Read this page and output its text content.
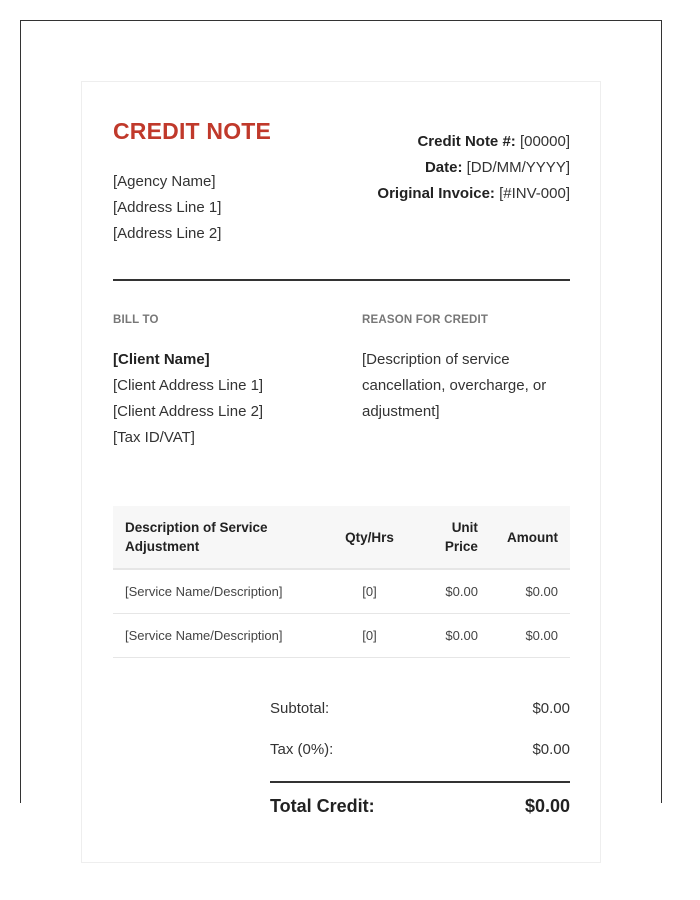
CREDIT NOTE
[Agency Name]
[Address Line 1]
[Address Line 2]
Credit Note #: [00000]
Date: [DD/MM/YYYY]
Original Invoice: [#INV-000]
BILL TO	REASON FOR CREDIT
[Client Name]
[Client Address Line 1]
[Client Address Line 2]
[Tax ID/VAT]
[Description of service cancellation, overcharge, or adjustment]
Description of Service Adjustment	Qty/Hrs	Unit Price	Amount
[Service Name/Description]	[0]	$0.00	$0.00
[Service Name/Description]	[0]	$0.00	$0.00
Subtotal:	$0.00
Tax (0%):	$0.00
Total Credit:	$0.00
